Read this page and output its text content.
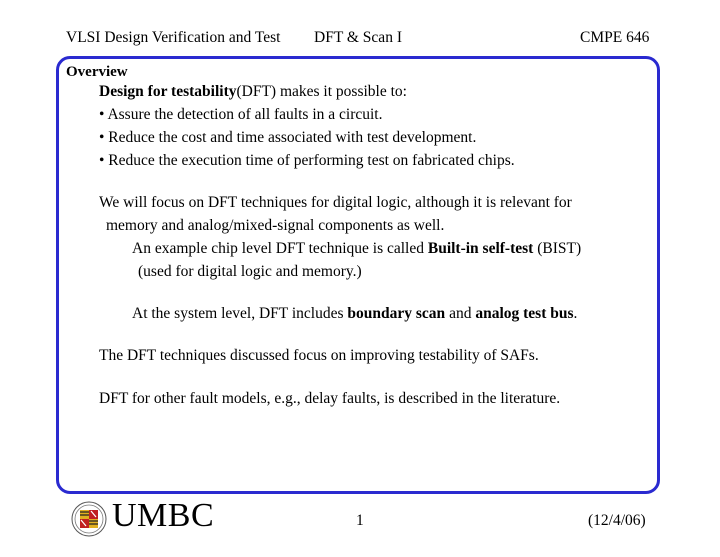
VLSI Design Verification and Test DFT & Scan I	CMPE 646
Overview
Design for testability(DFT) makes it possible to:
• Assure the detection of all faults in a circuit.
• Reduce the cost and time associated with test development.
• Reduce the execution time of performing test on fabricated chips.
We will focus on DFT techniques for digital logic, although it is relevant for
memory and analog/mixed-signal components as well.
An example chip level DFT technique is called Built-in self-test (BIST)
(used for digital logic and memory.)
At the system level, DFT includes boundary scan and analog test bus.
The DFT techniques discussed focus on improving testability of SAFs.
DFT for other fault models, e.g., delay faults, is described in the literature.
UMBC	1	(12/4/06)
